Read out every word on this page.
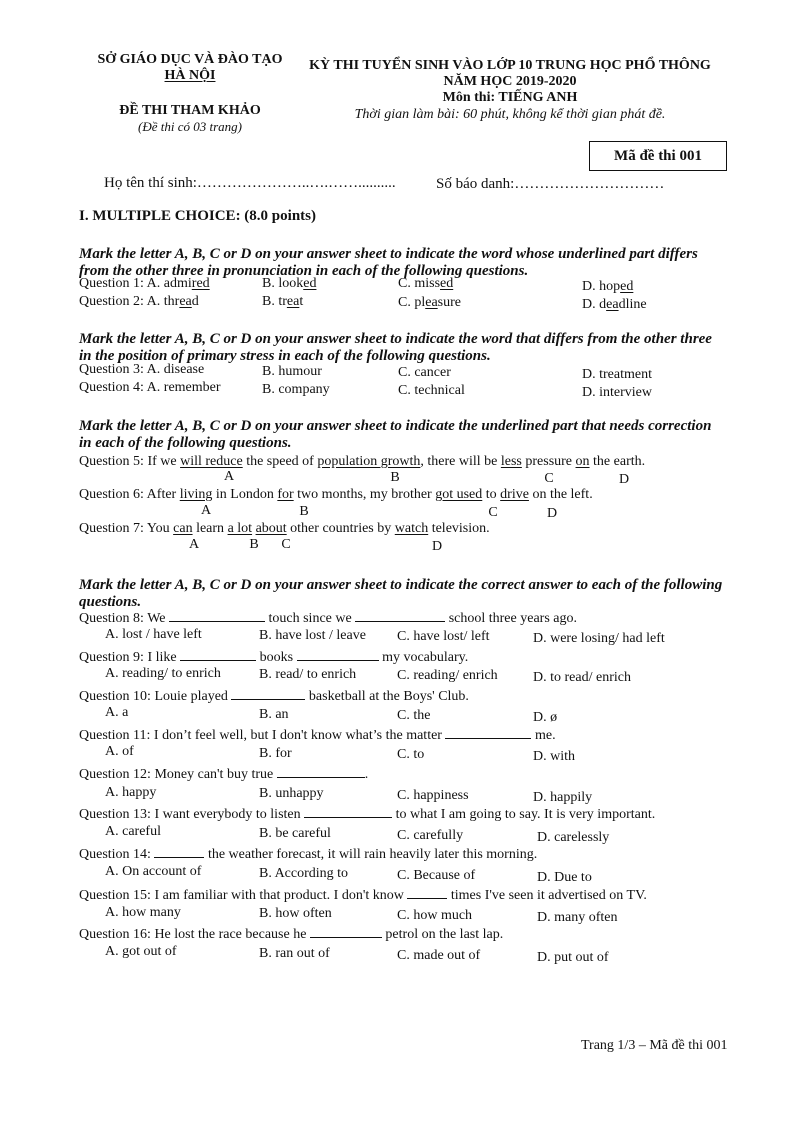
SỞ GIÁO DỤC VÀ ĐÀO TẠO
HÀ NỘI
ĐỀ THI THAM KHẢO
(Đề thi có 03 trang)
KỲ THI TUYỂN SINH VÀO LỚP 10 TRUNG HỌC PHỔ THÔNG
NĂM HỌC 2019-2020
Môn thi: TIẾNG ANH
Thời gian làm bài: 60 phút, không kể thời gian phát đề.
Mã đề thi 001
Họ tên thí sinh:…………………..….……..........	Số báo danh:…………………………
I. MULTIPLE CHOICE: (8.0 points)
Mark the letter A, B, C or D on your answer sheet to indicate the word whose underlined part differs
from the other three in pronunciation in each of the following questions.
Question 1: A. admired	B. looked	C. missed	D. hoped
Question 2: A. thread	B. treat	C. pleasure	D. deadline
Mark the letter A, B, C or D on your answer sheet to indicate the word that differs from the other three
in the position of primary stress in each of the following questions.
Question 3: A. disease	B. humour	C. cancer	D. treatment
Question 4: A. remember	B. company	C. technical	D. interview
Mark the letter A, B, C or D on your answer sheet to indicate the underlined part that needs correction
in each of the following questions.
Question 5: If we will reduce the speed of population growth, there will be less pressure on the earth.
A	B	C	D
Question 6: After living in London for two months, my brother got used to drive on the left.
A	B	C	D
Question 7: You can learn a lot about other countries by watch television.
A	B	C	D
Mark the letter A, B, C or D on your answer sheet to indicate the correct answer to each of the following
questions.
Question 8: We	touch since we	school three years ago.
A. lost / have left	B. have lost / leave C. have lost/ left	D. were losing/ had left
Question 9: I like	books	my vocabulary.
A. reading/ to enrich	B. read/ to enrich	C. reading/ enrich	D. to read/ enrich
Question 10: Louie played	basketball at the Boys' Club.
A. a	B. an	C. the	D. ø
Question 11: I don’t feel well, but I don't know what’s the matter	me.
A. of	B. for	C. to	D. with
Question 12: Money can't buy true	.
A. happy	B. unhappy	C. happiness	D. happily
Question 13: I want everybody to listen	to what I am going to say. It is very important.
A. careful	B. be careful	C. carefully	D. carelessly
Question 14:	the weather forecast, it will rain heavily later this morning.
A. On account of	B. According to	C. Because of	D. Due to
Question 15: I am familiar with that product. I don't know	times I've seen it advertised on TV.
A. how many	B. how often	C. how much	D. many often
Question 16: He lost the race because he	petrol on the last lap.
A. got out of	B. ran out of	C. made out of	D. put out of
Trang 1/3 – Mã đề thi 001
